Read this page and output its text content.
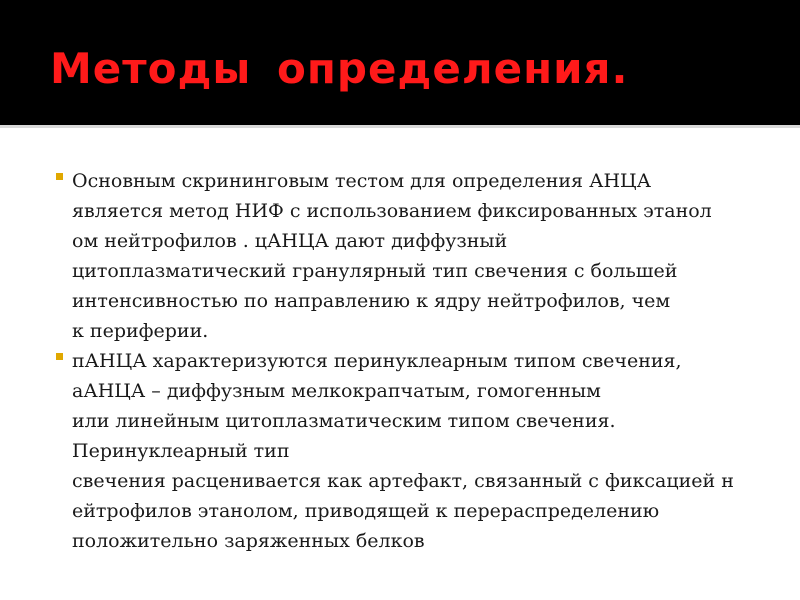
Методы определения.

Основным скрининговым тестом для определения АНЦА

является метод НИФ с использованием фиксированных этанол

ом нейтрофилов . цАНЦА дают диффузный

цитоплазматический гранулярный тип свечения с большей

интенсивностью по направлению к ядру нейтрофилов, чем

к периферии.

пАНЦА характеризуются перинуклеарным типом свечения,

аАНЦА – диффузным мелкокрапчатым, гомогенным

или линейным цитоплазматическим типом свечения.

Перинуклеарный тип

свечения расценивается как артефакт, связанный с фиксацией н

ейтрофилов этанолом, приводящей к перераспределению

положительно заряженных белков
